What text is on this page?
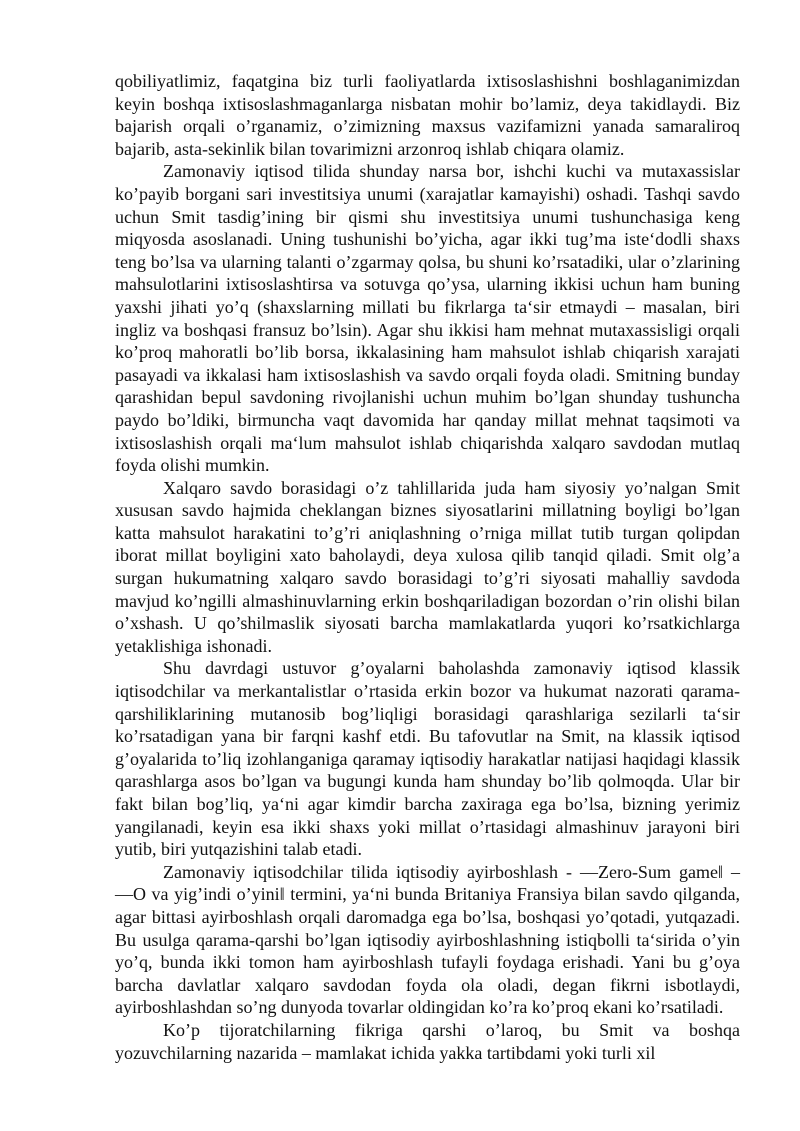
qobiliyatlimiz, faqatgina biz turli faoliyatlarda ixtisoslashishni boshlaganimizdan keyin boshqa ixtisoslashmaganlarga nisbatan mohir bo’lamiz, deya takidlaydi. Biz bajarish orqali o’rganamiz, o’zimizning maxsus vazifamizni yanada samaraliroq bajarib, asta-sekinlik bilan tovarimizni arzonroq ishlab chiqara olamiz.

Zamonaviy iqtisod tilida shunday narsa bor, ishchi kuchi va mutaxassislar ko’payib borgani sari investitsiya unumi (xarajatlar kamayishi) oshadi. Tashqi savdo uchun Smit tasdig’ining bir qismi shu investitsiya unumi tushunchasiga keng miqyosda asoslanadi. Uning tushunishi bo’yicha, agar ikki tug’ma iste‘dodli shaxs teng bo’lsa va ularning talanti o’zgarmay qolsa, bu shuni ko’rsatadiki, ular o’zlarining mahsulotlarini ixtisoslashtirsa va sotuvga qo’ysa, ularning ikkisi uchun ham buning yaxshi jihati yo’q (shaxslarning millati bu fikrlarga ta‘sir etmaydi – masalan, biri ingliz va boshqasi fransuz bo’lsin). Agar shu ikkisi ham mehnat mutaxassisligi orqali ko’proq mahoratli bo’lib borsa, ikkalasining ham mahsulot ishlab chiqarish xarajati pasayadi va ikkalasi ham ixtisoslashish va savdo orqali foyda oladi. Smitning bunday qarashidan bepul savdoning rivojlanishi uchun muhim bo’lgan shunday tushuncha paydo bo’ldiki, birmuncha vaqt davomida har qanday millat mehnat taqsimoti va ixtisoslashish orqali ma‘lum mahsulot ishlab chiqarishda xalqaro savdodan mutlaq foyda olishi mumkin.

Xalqaro savdo borasidagi o’z tahlillarida juda ham siyosiy yo’nalgan Smit xususan savdo hajmida cheklangan biznes siyosatlarini millatning boyligi bo’lgan katta mahsulot harakatini to’g’ri aniqlashning o’rniga millat tutib turgan qolipdan iborat millat boyligini xato baholaydi, deya xulosa qilib tanqid qiladi. Smit olg’a surgan hukumatning xalqaro savdo borasidagi to’g’ri siyosati mahalliy savdoda mavjud ko’ngilli almashinuvlarning erkin boshqariladigan bozordan o’rin olishi bilan o’xshash. U qo’shilmaslik siyosati barcha mamlakatlarda yuqori ko’rsatkichlarga yetaklishiga ishonadi.

Shu davrdagi ustuvor g’oyalarni baholashda zamonaviy iqtisod klassik iqtisodchilar va merkantalistlar o’rtasida erkin bozor va hukumat nazorati qarama-qarshiliklarining mutanosib bog’liqligi borasidagi qarashlariga sezilarli ta‘sir ko’rsatadigan yana bir farqni kashf etdi. Bu tafovutlar na Smit, na klassik iqtisod g’oyalarida to’liq izohlanganiga qaramay iqtisodiy harakatlar natijasi haqidagi klassik qarashlarga asos bo’lgan va bugungi kunda ham shunday bo’lib qolmoqda. Ular bir fakt bilan bog’liq, ya‘ni agar kimdir barcha zaxiraga ega bo’lsa, bizning yerimiz yangilanadi, keyin esa ikki shaxs yoki millat o’rtasidagi almashinuv jarayoni biri yutib, biri yutqazishini talab etadi.

Zamonaviy iqtisodchilar tilida iqtisodiy ayirboshlash - ―Zero-Sum game‖ – ―O va yig’indi o’yini‖ termini, ya‘ni bunda Britaniya Fransiya bilan savdo qilganda, agar bittasi ayirboshlash orqali daromadga ega bo’lsa, boshqasi yo’qotadi, yutqazadi. Bu usulga qarama-qarshi bo’lgan iqtisodiy ayirboshlashning istiqbolli ta‘sirida o’yin yo’q, bunda ikki tomon ham ayirboshlash tufayli foydaga erishadi. Yani bu g’oya barcha davlatlar xalqaro savdodan foyda ola oladi, degan fikrni isbotlaydi, ayirboshlashdan so’ng dunyoda tovarlar oldingidan ko’ra ko’proq ekani ko’rsatiladi.

Ko’p tijoratchilarning fikriga qarshi o’laroq, bu Smit va boshqa yozuvchilarning nazarida – mamlakat ichida yakka tartibdami yoki turli xil
